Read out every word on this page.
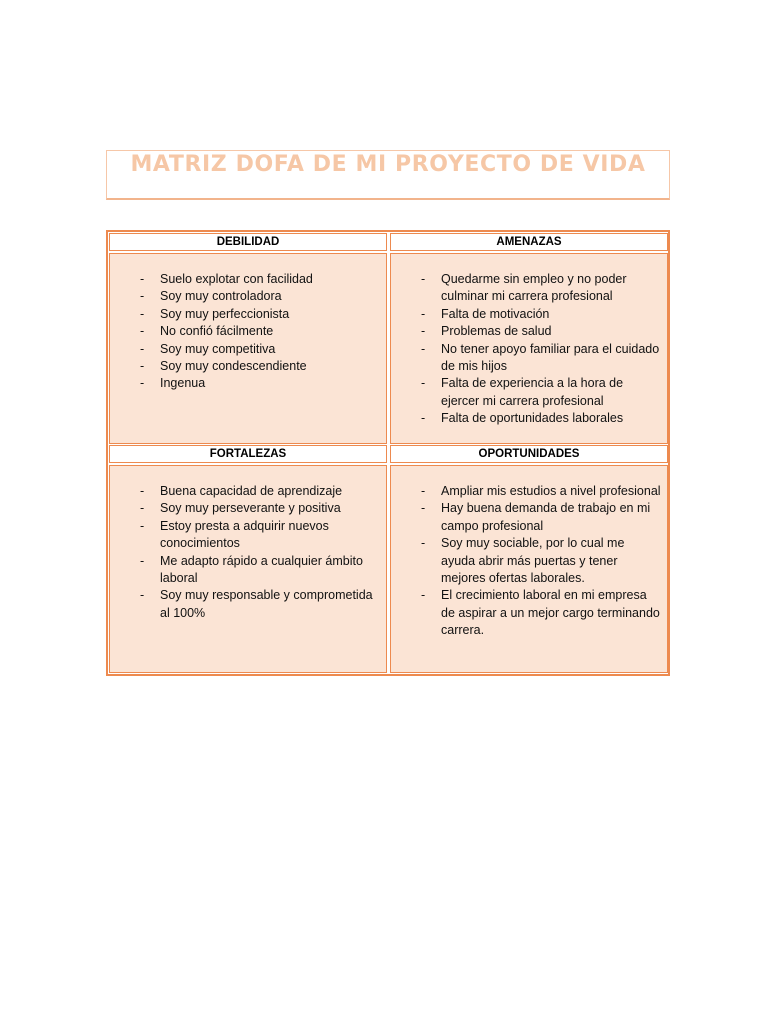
MATRIZ DOFA DE MI PROYECTO DE VIDA
DEBILIDAD	AMENAZAS
- Suelo explotar con facilidad
- Soy muy controladora
- Soy muy perfeccionista
- No confió fácilmente
- Soy muy competitiva
- Soy muy condescendiente
- Ingenua
- Quedarme sin empleo y no poder culminar mi carrera profesional
- Falta de motivación
- Problemas de salud
- No tener apoyo familiar para el cuidado de mis hijos
- Falta de experiencia a la hora de ejercer mi carrera profesional
- Falta de oportunidades laborales
FORTALEZAS	OPORTUNIDADES
- Buena capacidad de aprendizaje
- Soy muy perseverante y positiva
- Estoy presta a adquirir nuevos conocimientos
- Me adapto rápido a cualquier ámbito laboral
- Soy muy responsable y comprometida al 100%
- Ampliar mis estudios a nivel profesional
- Hay buena demanda de trabajo en mi campo profesional
- Soy muy sociable, por lo cual me ayuda abrir más puertas y tener mejores ofertas laborales.
- El crecimiento laboral en mi empresa de aspirar a un mejor cargo terminando carrera.
